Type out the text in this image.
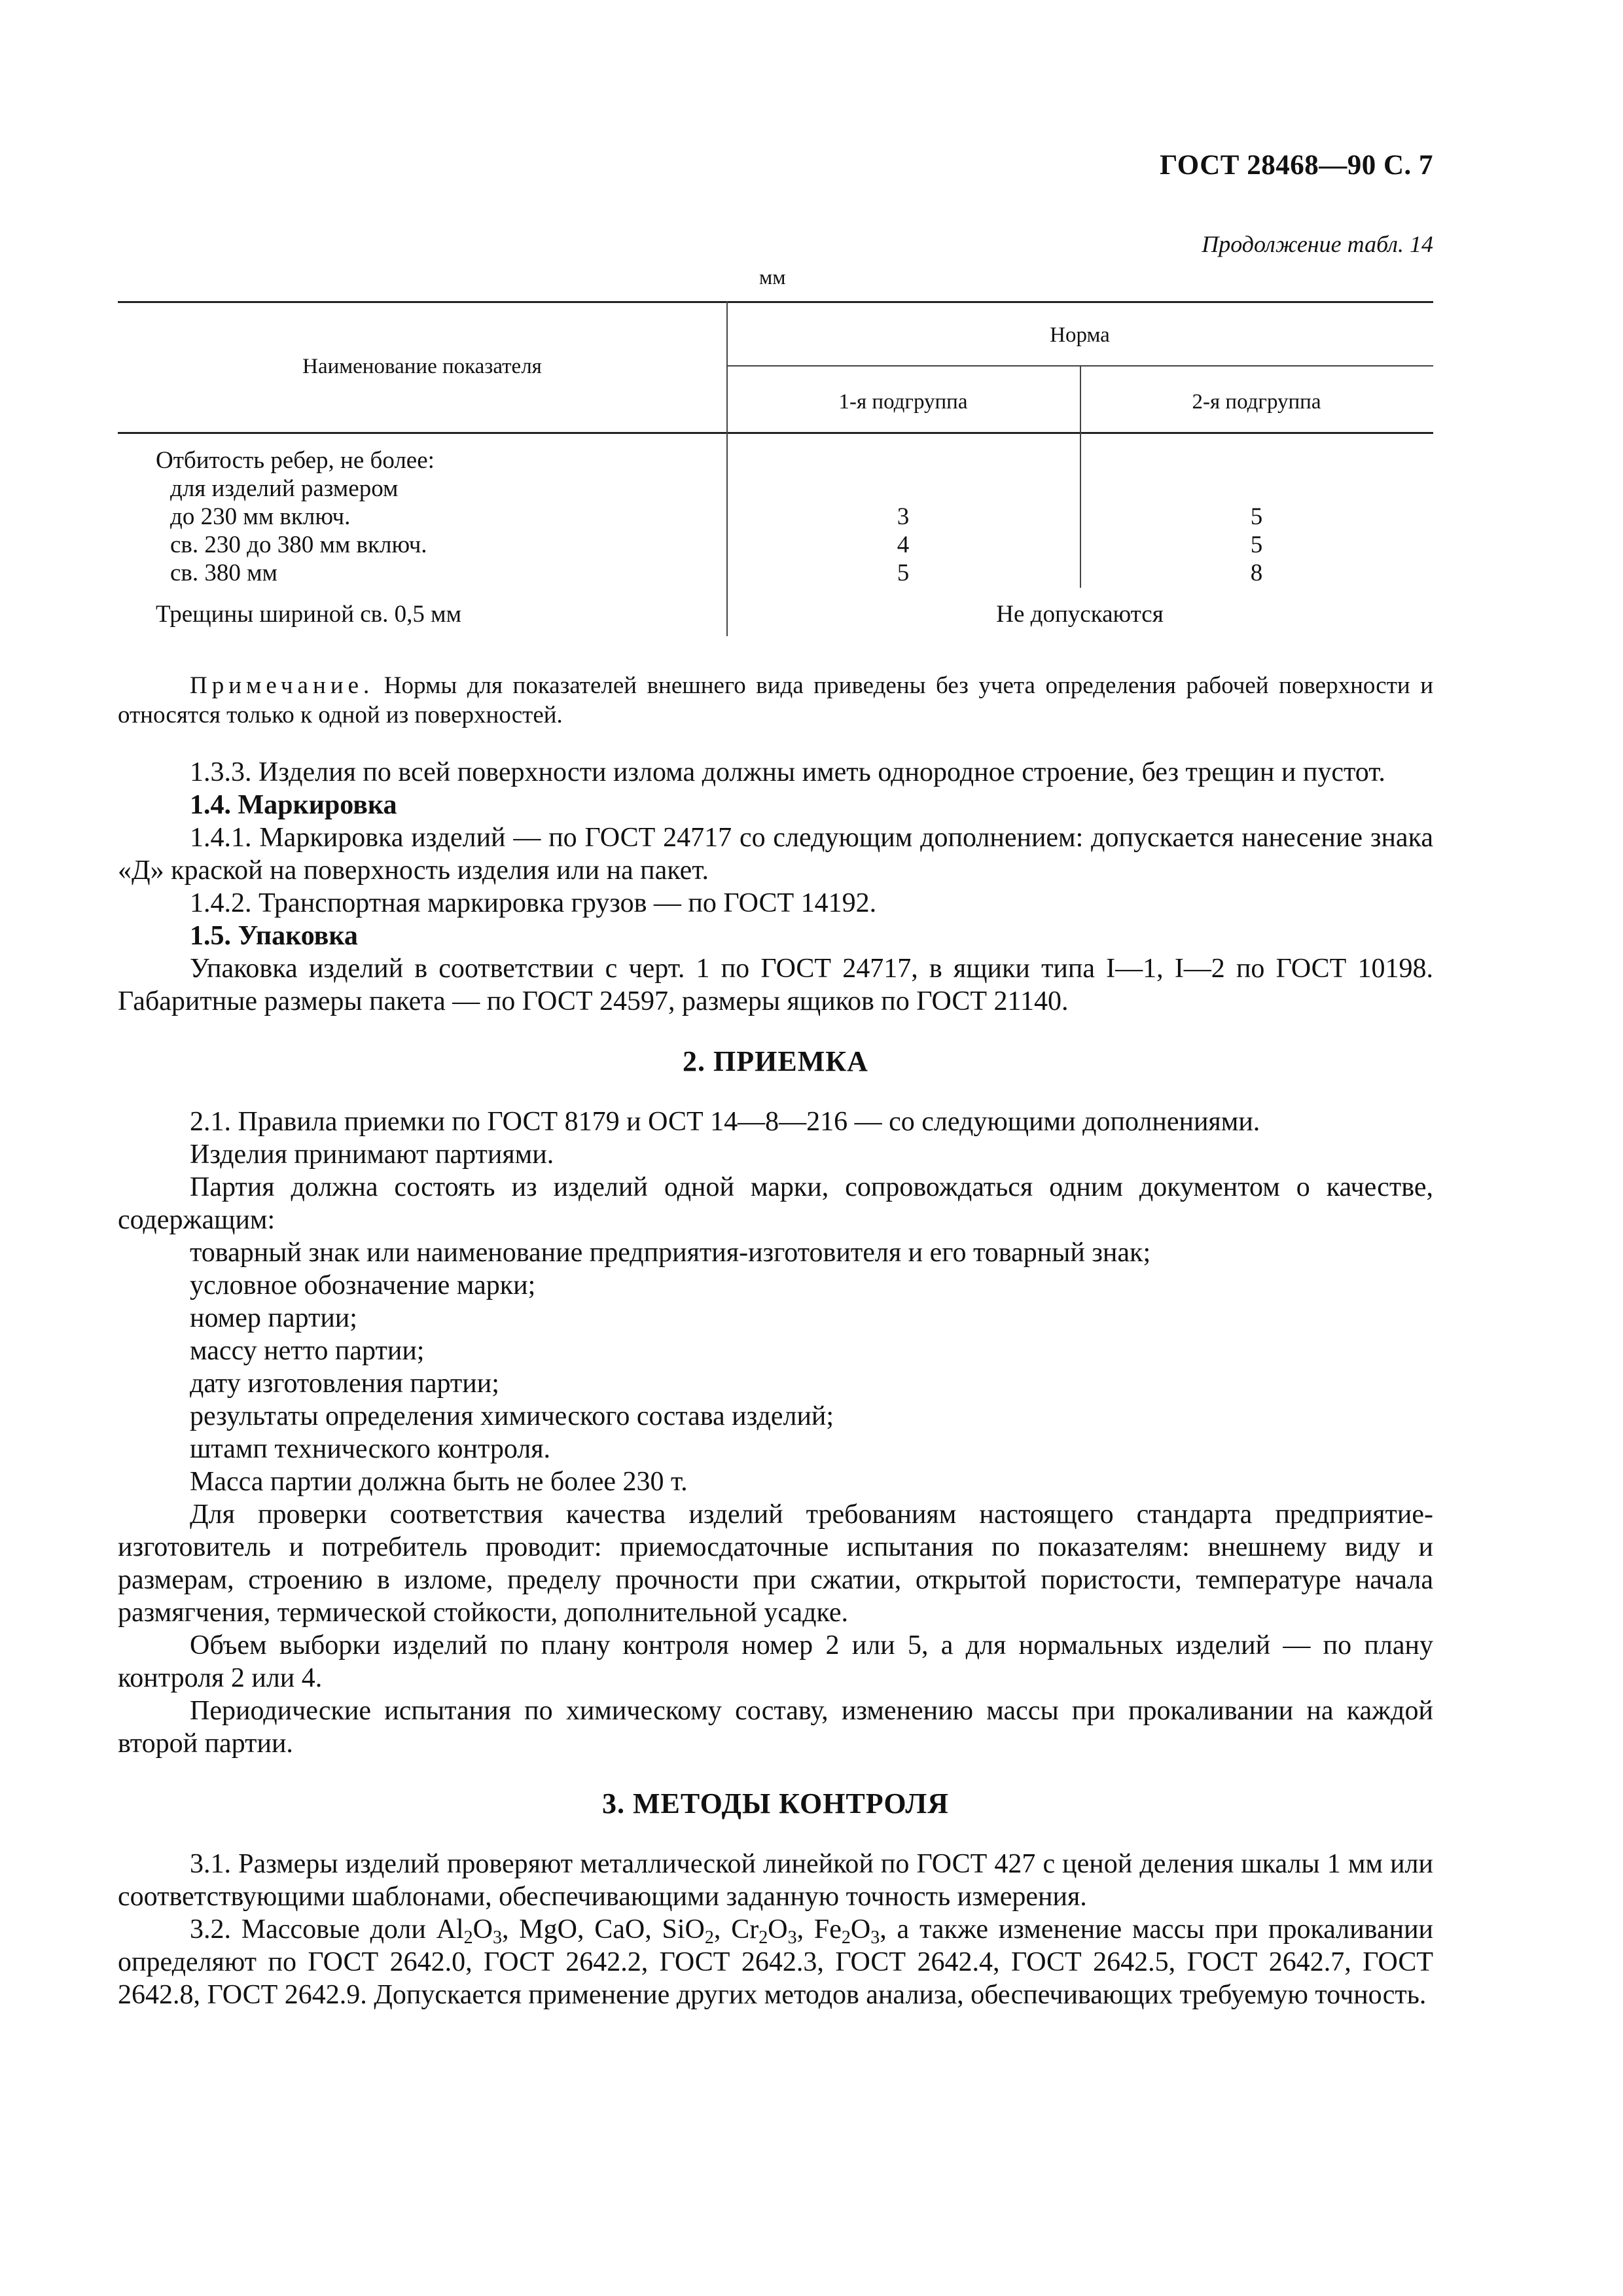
ГОСТ 28468—90 С. 7
Продолжение табл. 14
мм
Наименование показателя
Норма
1-я подгруппа	2-я подгруппа
Отбитость ребер, не более:
для изделий размером
до 230 мм включ.
св. 230 до 380 мм включ.
св. 380 мм
3
4
5
5
5
8
Трещины шириной св. 0,5 мм	Не допускаются

Примечание. Нормы для показателей внешнего вида приведены без учета определения рабочей поверхности и относятся только к одной из поверхностей.

1.3.3. Изделия по всей поверхности излома должны иметь однородное строение, без трещин и пустот.

1.4. Маркировка

1.4.1. Маркировка изделий — по ГОСТ 24717 со следующим дополнением: допускается нанесение знака «Д» краской на поверхность изделия или на пакет.

1.4.2. Транспортная маркировка грузов — по ГОСТ 14192.

1.5. Упаковка

Упаковка изделий в соответствии с черт. 1 по ГОСТ 24717, в ящики типа I—1, I—2 по ГОСТ 10198. Габаритные размеры пакета — по ГОСТ 24597, размеры ящиков по ГОСТ 21140.

2. ПРИЕМКА

2.1. Правила приемки по ГОСТ 8179 и ОСТ 14—8—216 — со следующими дополнениями.

Изделия принимают партиями.

Партия должна состоять из изделий одной марки, сопровождаться одним документом о качестве, содержащим:

товарный знак или наименование предприятия-изготовителя и его товарный знак;

условное обозначение марки;

номер партии;

массу нетто партии;

дату изготовления партии;

результаты определения химического состава изделий;

штамп технического контроля.

Масса партии должна быть не более 230 т.

Для проверки соответствия качества изделий требованиям настоящего стандарта предприятие-изготовитель и потребитель проводит: приемосдаточные испытания по показателям: внешнему виду и размерам, строению в изломе, пределу прочности при сжатии, открытой пористости, температуре начала размягчения, термической стойкости, дополнительной усадке.

Объем выборки изделий по плану контроля номер 2 или 5, а для нормальных изделий — по плану контроля 2 или 4.

Периодические испытания по химическому составу, изменению массы при прокаливании на каждой второй партии.

3. МЕТОДЫ КОНТРОЛЯ

3.1. Размеры изделий проверяют металлической линейкой по ГОСТ 427 с ценой деления шкалы 1 мм или соответствующими шаблонами, обеспечивающими заданную точность измерения.

3.2. Массовые доли $Al_2O_3$, MgO, CaO, SiO$_2$, $Cr_2O_3$, $Fe_2O_3$, а также изменение массы при прокаливании определяют по ГОСТ 2642.0, ГОСТ 2642.2, ГОСТ 2642.3, ГОСТ 2642.4, ГОСТ 2642.5, ГОСТ 2642.7, ГОСТ 2642.8, ГОСТ 2642.9. Допускается применение других методов анализа, обеспечивающих требуемую точность.
